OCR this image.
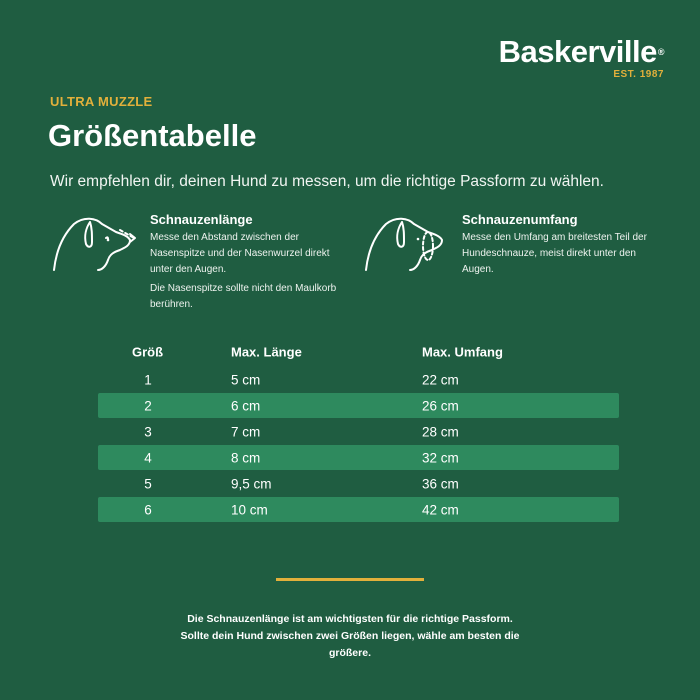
Baskerville®
EST. 1987
ULTRA MUZZLE
Größentabelle
Wir empfehlen dir, deinen Hund zu messen, um die richtige Passform zu wählen.
Schnauzenlänge
Messe den Abstand zwischen der Nasenspitze und der Nasenwurzel direkt unter den Augen.
Die Nasenspitze sollte nicht den Maulkorb berühren.
Schnauzenumfang
Messe den Umfang am breitesten Teil der Hundeschnauze, meist direkt unter den Augen.
Größ	Max. Länge	Max. Umfang
1	5 cm	22 cm
2	6 cm	26 cm
3	7 cm	28 cm
4	8 cm	32 cm
5	9,5 cm	36 cm
6	10 cm	42 cm
Die Schnauzenlänge ist am wichtigsten für die richtige Passform.
Sollte dein Hund zwischen zwei Größen liegen, wähle am besten die
größere.
